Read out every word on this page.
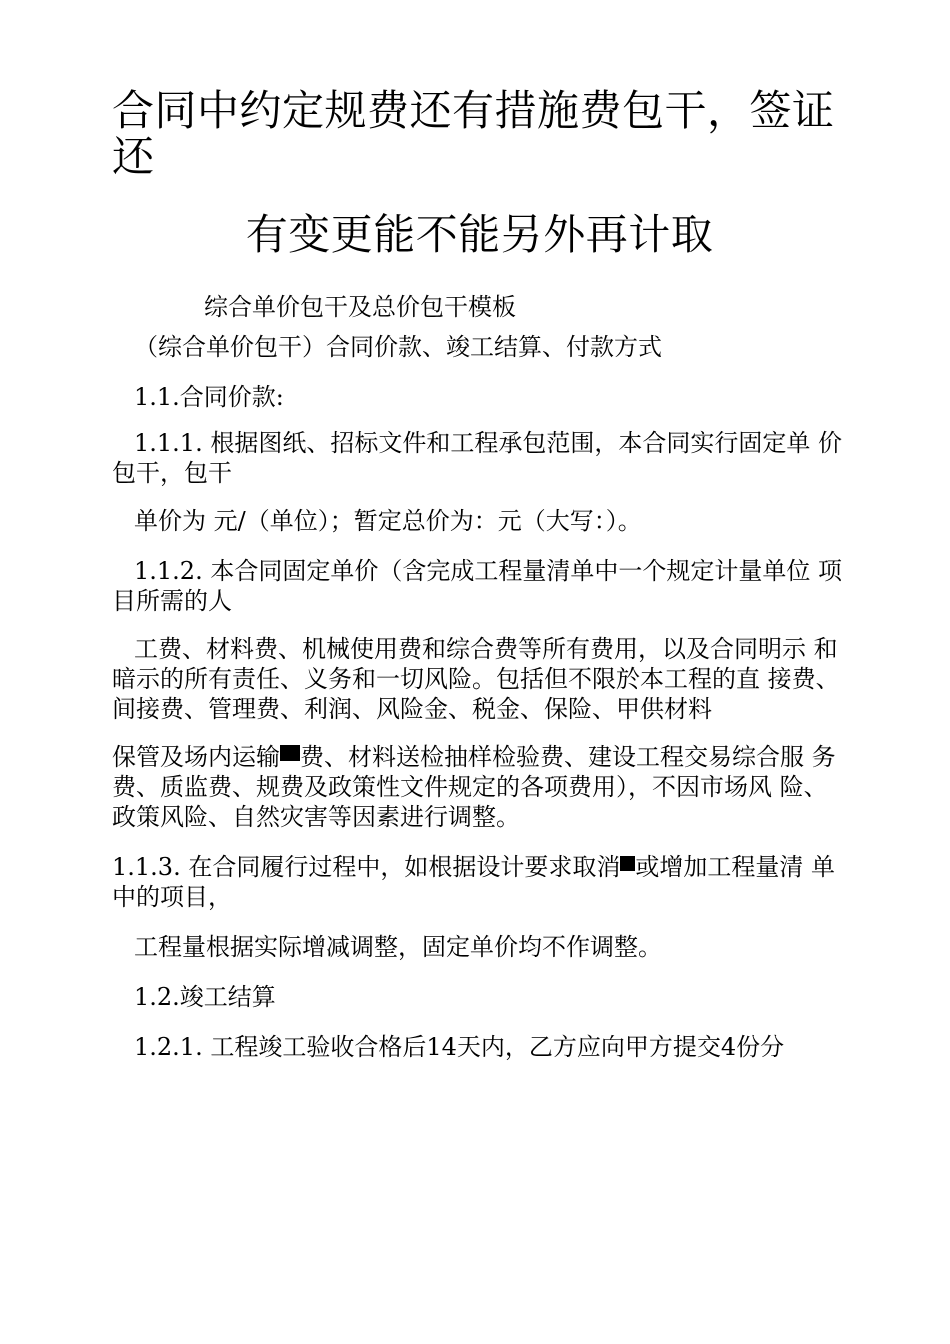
合同中约定规费还有措施费包干，签证还
有变更能不能另外再计取

综合单价包干及总价包干模板

（综合单价包干）合同价款、竣工结算、付款方式

1.1.合同价款:

1.1.1. 根据图纸、招标文件和工程承包范围，本合同实行固定单 价包干，包干

单价为 元/（单位）；暂定总价为：元（大写：）。

1.1.2. 本合同固定单价（含完成工程量清单中一个规定计量单位 项目所需的人

工费、材料费、机械使用费和综合费等所有费用，以及合同明示 和暗示的所有责任、义务和一切风险。包括但不限於本工程的直 接费、间接费、管理费、利润、风险金、税金、保险、甲供材料

保管及场内运输 费、材料送检抽样检验费、建设工程交易综合服 务费、质监费、规费及政策性文件规定的各项费用），不因市场风 险、政策风险、自然灾害等因素进行调整。

1.1.3. 在合同履行过程中，如根据设计要求取消 或增加工程量清 单中的项目，

工程量根据实际增减调整，固定单价均不作调整。

1.2.竣工结算

1.2.1. 工程竣工验收合格后14天内，乙方应向甲方提交4份分
